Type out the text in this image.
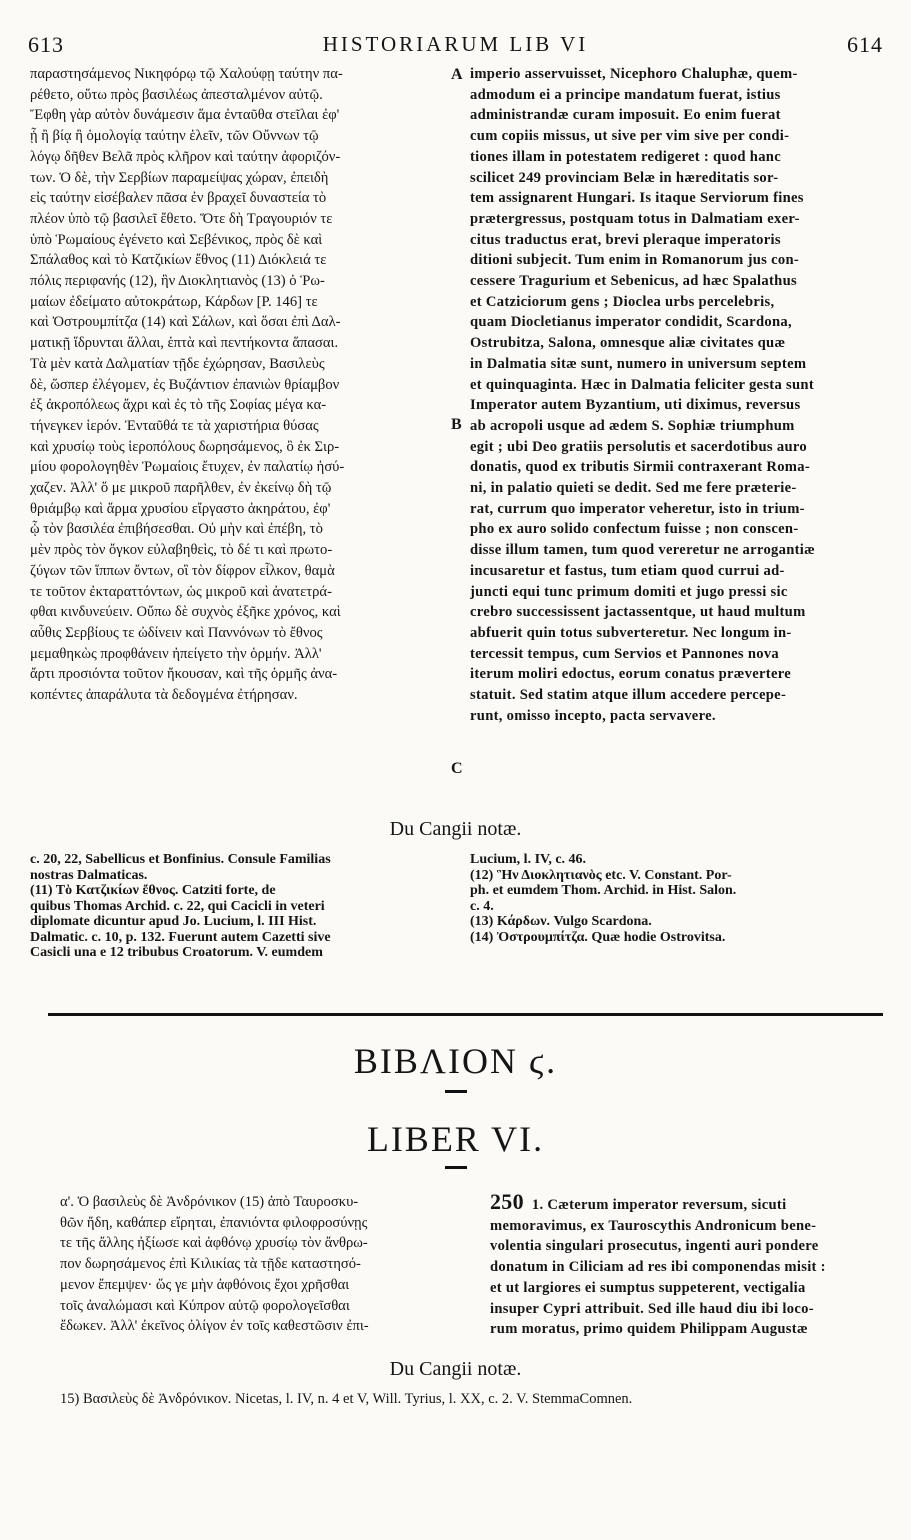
613	HISTORIARUM LIB VI	614
παραστησάμενος Νικηφόρῳ τῷ Χαλούφῃ ταύτην πα-
ρέθετο, οὕτω πρὸς βασιλέως ἀπεσταλμένον αὐτῷ.
Ἔφθη γὰρ αὐτὸν δυνάμεσιν ἅμα ἐνταῦθα στεῖλαι ἐφ'
ᾗ ἢ βίᾳ ἢ ὁμολογίᾳ ταύτην ἑλεῖν, τῶν Οὔννων τῷ
λόγῳ δῆθεν Βελᾶ πρὸς κλῆρον καὶ ταύτην ἀφοριζόν-
των. Ὁ δὲ, τὴν Σερβίων παραμείψας χώραν, ἐπειδὴ
εἰς ταύτην εἰσέβαλεν πᾶσα ἐν βραχεῖ δυναστεία τὸ
πλέον ὑπὸ τῷ βασιλεῖ ἔθετο. Ὅτε δὴ Τραγουριόν τε
ὑπὸ Ῥωμαίους ἐγένετο καὶ Σεβένικος, πρὸς δὲ καὶ
Σπάλαθος καὶ τὸ Κατζικίων ἔθνος (11) Διόκλειά τε
πόλις περιφανής (12), ἣν Διοκλητιανὸς (13) ὁ Ῥω-
μαίων ἐδείματο αὐτοκράτωρ, Κάρδων [P. 146] τε
καὶ Ὀστρουμπίτζα (14) καὶ Σάλων, καὶ ὅσαι ἐπὶ Δαλ-
ματικῇ ἵδρυνται ἄλλαι, ἑπτὰ καὶ πεντήκοντα ἅπασαι.
Τὰ μὲν κατὰ Δαλματίαν τῇδε ἐχώρησαν, Βασιλεὺς
δὲ, ὥσπερ ἐλέγομεν, ἐς Βυζάντιον ἐπανιὼν θρίαμβον
ἐξ ἀκροπόλεως ἄχρι καὶ ἐς τὸ τῆς Σοφίας μέγα κα-
τήνεγκεν ἱερόν. Ἐνταῦθά τε τὰ χαριστήρια θύσας
καὶ χρυσίῳ τοὺς ἱεροπόλους δωρησάμενος, ὃ ἐκ Σιρ-
μίου φορολογηθὲν Ῥωμαίοις ἔτυχεν, ἐν παλατίῳ ἡσύ-
χαζεν. Ἀλλ' ὅ με μικροῦ παρῆλθεν, ἐν ἐκείνῳ δὴ τῷ
θριάμβῳ καὶ ἅρμα χρυσίου εἴργαστο ἀκηράτου, ἐφ'
ᾧ τὸν βασιλέα ἐπιβήσεσθαι. Οὐ μὴν καὶ ἐπέβη, τὸ
μὲν πρὸς τὸν ὄγκον εὐλαβηθεὶς, τὸ δέ τι καὶ πρωτο-
ζύγων τῶν ἵππων ὄντων, οἳ τὸν δίφρον εἷλκον, θαμὰ
τε τοῦτον ἐκταραττόντων, ὡς μικροῦ καὶ ἀνατετρά-
φθαι κινδυνεύειν. Οὔπω δὲ συχνὸς ἐξῆκε χρόνος, καὶ
αὖθις Σερβίους τε ὠδίνειν καὶ Παννόνων τὸ ἔθνος
μεμαθηκὼς προφθάνειν ἠπείγετο τὴν ὁρμήν. Ἀλλ'
ἄρτι προσιόντα τοῦτον ἤκουσαν, καὶ τῆς ὁρμῆς ἀνα-
κοπέντες ἀπαράλυτα τὰ δεδογμένα ἐτήρησαν.
imperio asservuisset, Nicephoro Chaluphæ, quem-
admodum ei a principe mandatum fuerat, istius
administrandæ curam imposuit. Eo enim fuerat
cum copiis missus, ut sive per vim sive per condi-
tiones illam in potestatem redigeret : quod hanc
scilicet 249 provinciam Belæ in hæreditatis sor-
tem assignarent Hungari. Is itaque Serviorum fines
prætergressus, postquam totus in Dalmatiam exer-
citus traductus erat, brevi pleraque imperatoris
ditioni subjecit. Tum enim in Romanorum jus con-
cessere Tragurium et Sebenicus, ad hæc Spalathus
et Catziciorum gens ; Dioclea urbs percelebris,
quam Diocletianus imperator condidit, Scardona,
Ostrubitza, Salona, omnesque aliæ civitates quæ
in Dalmatia sitæ sunt, numero in universum septem
et quinquaginta. Hæc in Dalmatia feliciter gesta sunt
Imperator autem Byzantium, uti diximus, reversus
ab acropoli usque ad ædem S. Sophiæ triumphum
egit ; ubi Deo gratiis persolutis et sacerdotibus auro
donatis, quod ex tributis Sirmii contraxerant Roma-
ni, in palatio quieti se dedit. Sed me fere præterie-
rat, currum quo imperator veheretur, isto in trium-
pho ex auro solido confectum fuisse ; non conscen-
disse illum tamen, tum quod vereretur ne arrogantiæ
incusaretur et fastus, tum etiam quod currui ad-
juncti equi tunc primum domiti et jugo pressi sic
crebro successissent jactassentque, ut haud multum
abfuerit quin totus subverteretur. Nec longum in-
tercessit tempus, cum Servios et Pannones nova
iterum moliri edoctus, eorum conatus prævertere
statuit. Sed statim atque illum accedere percepe-
runt, omisso incepto, pacta servavere.
A
B
C
Du Cangii notæ.
c. 20, 22, Sabellicus et Bonfinius. Consule Familias
nostras Dalmaticas.
(11) Τὸ Κατζικίων ἔθνος. Catziti forte, de
quibus Thomas Archid. c. 22, qui Cacicli in veteri
diplomate dicuntur apud Jo. Lucium, l. III Hist.
Dalmatic. c. 10, p. 132. Fuerunt autem Cazetti sive
Casicli una e 12 tribubus Croatorum. V. eumdem
Lucium, l. IV, c. 46.
(12) Ἣν Διοκλητιανὸς etc. V. Constant. Por-
ph. et eumdem Thom. Archid. in Hist. Salon.
c. 4.
(13) Κάρδων. Vulgo Scardona.
(14) Ὀστρουμπίτζα. Quæ hodie Ostrovitsa.
BIBΛΙΟΝ ϛ.
LIBER VI.
α'. Ὁ βασιλεὺς δὲ Ἀνδρόνικον (15) ἀπὸ Ταυροσκυ-
θῶν ἤδη, καθάπερ εἴρηται, ἐπανιόντα φιλοφροσύνῃς
τε τῆς ἄλλης ἠξίωσε καὶ ἀφθόνῳ χρυσίῳ τὸν ἄνθρω-
πον δωρησάμενος ἐπὶ Κιλικίας τὰ τῇδε καταστησό-
μενον ἔπεμψεν· ὥς γε μὴν ἀφθόνοις ἔχοι χρῆσθαι
τοῖς ἀναλώμασι καὶ Κύπρον αὐτῷ φορολογεῖσθαι
ἔδωκεν. Ἀλλ' ἐκεῖνος ὀλίγον ἐν τοῖς καθεστῶσιν ἐπι-
250 1. Cæterum imperator reversum, sicuti
memoravimus, ex Tauroscythis Andronicum bene-
volentia singulari prosecutus, ingenti auri pondere
donatum in Ciliciam ad res ibi componendas misit :
et ut largiores ei sumptus suppeterent, vectigalia
insuper Cypri attribuit. Sed ille haud diu ibi loco-
rum moratus, primo quidem Philippam Augustæ
Du Cangii notæ.
15) Βασιλεὺς δὲ Ἀνδρόνικον. Nicetas, l. IV, n. 4 et V, Will. Tyrius, l. XX, c. 2. V. StemmaComnen.
